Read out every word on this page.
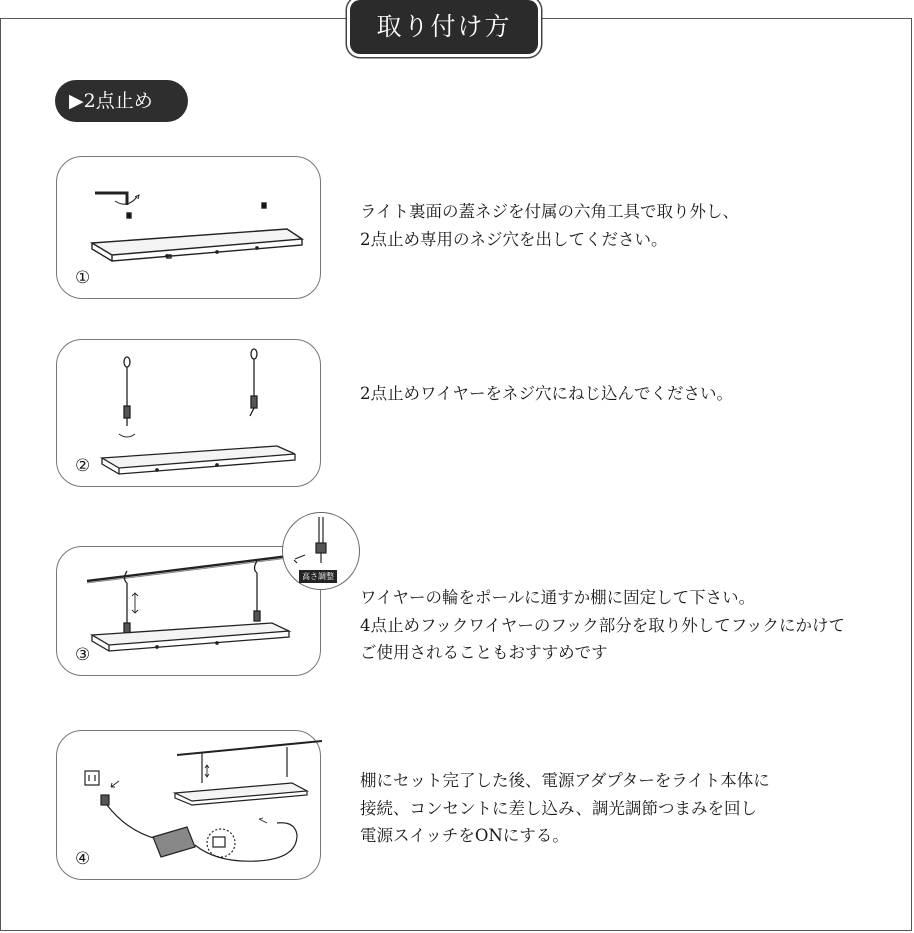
取り付け方
▶2点止め
①
ライト裏面の蓋ネジを付属の六角工具で取り外し、
2点止め専用のネジ穴を出してください。
②
2点止めワイヤーをネジ穴にねじ込んでください。
③
高さ調整
ワイヤーの輪をポールに通すか棚に固定して下さい。
4点止めフックワイヤーのフック部分を取り外してフックにかけて
ご使用されることもおすすめです
④
棚にセット完了した後、電源アダプターをライト本体に
接続、コンセントに差し込み、調光調節つまみを回し
電源スイッチをONにする。
